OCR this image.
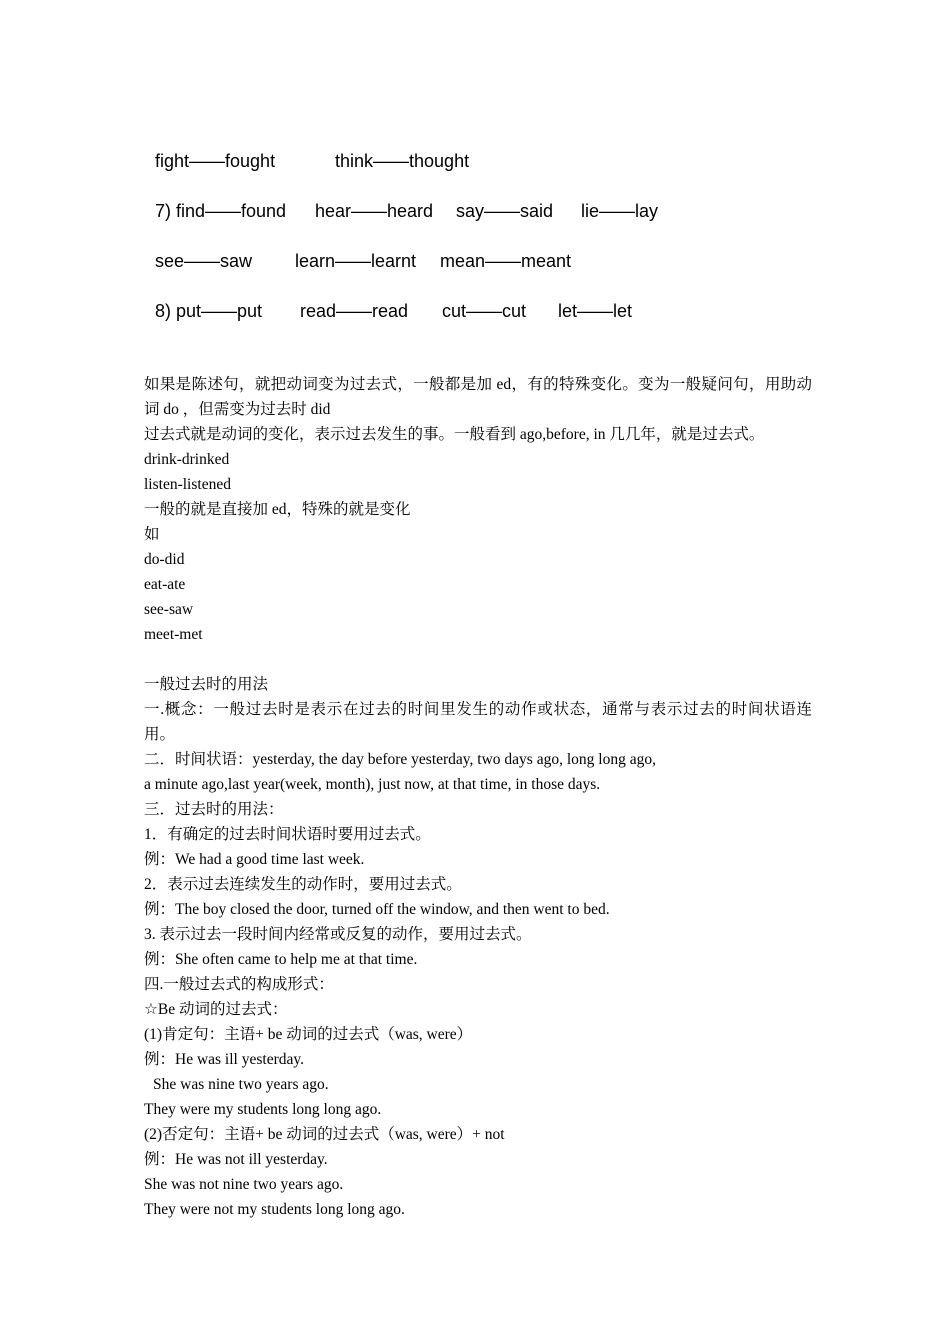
fight——fought	think——thought
7) find——found hear——heard say——said lie——lay
see——saw learn——learnt mean——meant
8) put——put read——read cut——cut let——let

如果是陈述句，就把动词变为过去式，一般都是加 ed，有的特殊变化。变为一般疑问句，用助动词 do ，但需变为过去时 did

过去式就是动词的变化，表示过去发生的事。一般看到 ago,before, in 几几年，就是过去式。

drink-drinked

listen-listened

一般的就是直接加 ed，特殊的就是变化

如

do-did

eat-ate

see-saw

meet-met

一般过去时的用法

一.概念：一般过去时是表示在过去的时间里发生的动作或状态，通常与表示过去的时间状语连用。

二．时间状语：yesterday, the day before yesterday, two days ago, long long ago,

a minute ago,last year(week, month), just now, at that time, in those days.

三．过去时的用法：

1．有确定的过去时间状语时要用过去式。

例：We had a good time last week.

2．表示过去连续发生的动作时，要用过去式。

例：The boy closed the door, turned off the window, and then went to bed.

3. 表示过去一段时间内经常或反复的动作，要用过去式。

例：She often came to help me at that time.

四.一般过去式的构成形式：

☆Be 动词的过去式：

(1)肯定句：主语+ be 动词的过去式（was, were）

例：He was ill yesterday.

She was nine two years ago.

They were my students long long ago.

(2)否定句：主语+ be 动词的过去式（was, were）+ not

例：He was not ill yesterday.

She was not nine two years ago.

They were not my students long long ago.
